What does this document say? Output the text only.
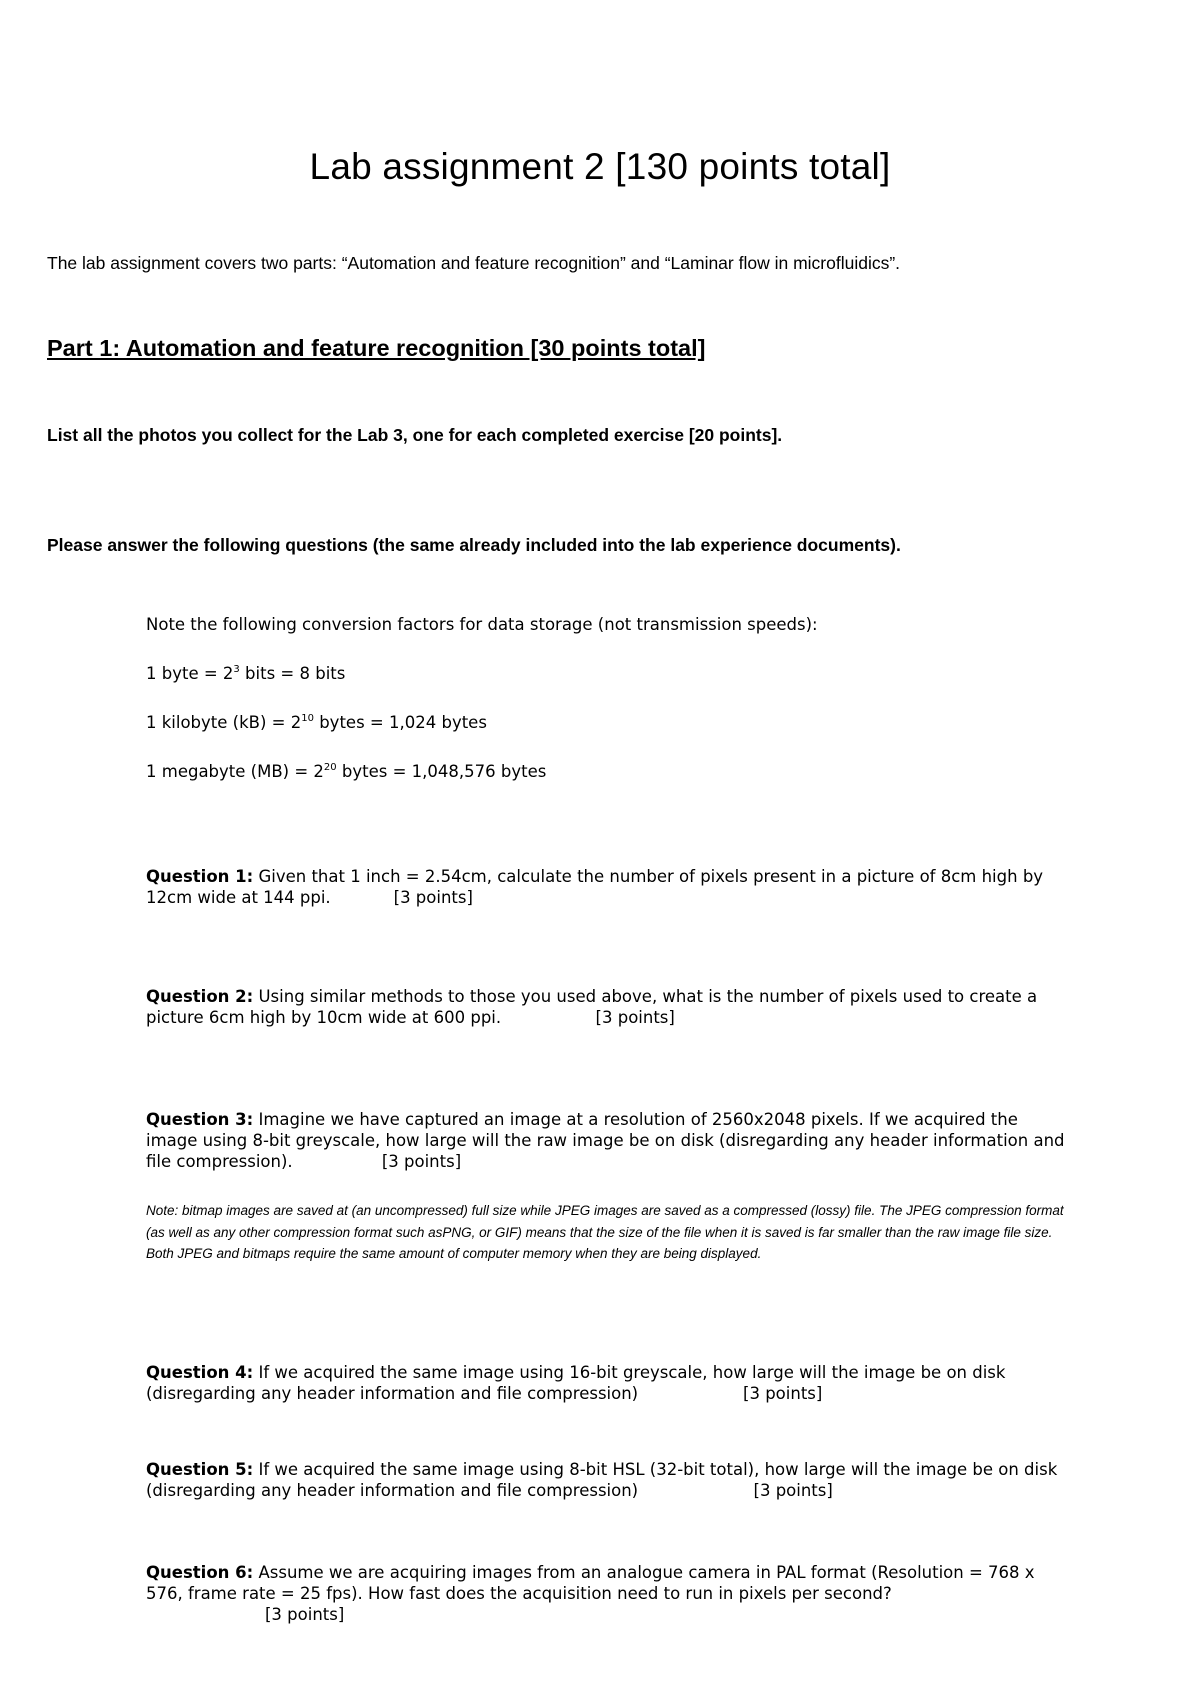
Lab assignment 2 [130 points total]

The lab assignment covers two parts: “Automation and feature recognition” and “Laminar flow in microfluidics”.

Part 1: Automation and feature recognition [30 points total]

List all the photos you collect for the Lab 3, one for each completed exercise [20 points].

Please answer the following questions (the same already included into the lab experience documents).

Note the following conversion factors for data storage (not transmission speeds):

1 byte = $2^3$ bits = 8 bits

1 kilobyte $(kB) = 2^{10}$ bytes = 1,024 bytes

1 megabyte $(MB) = 2^{20}$ bytes = 1,048,576 bytes

Question 1: Given that 1 inch = 2.54cm, calculate the number of pixels present in a picture of 8cm high by 12cm wide at 144 ppi.            [3 points]

Question 2: Using similar methods to those you used above, what is the number of pixels used to create a picture 6cm high by 10cm wide at 600 ppi.                  [3 points]

Question 3: Imagine we have captured an image at a resolution of 2560x2048 pixels. If we acquired the image using 8-bit greyscale, how large will the raw image be on disk (disregarding any header information and file compression).                 [3 points]

Note: bitmap images are saved at (an uncompressed) full size while JPEG images are saved as a compressed (lossy) file. The JPEG compression format (as well as any other compression format such asPNG, or GIF) means that the size of the file when it is saved is far smaller than the raw image file size. Both JPEG and bitmaps require the same amount of computer memory when they are being displayed.

Question 4: If we acquired the same image using 16-bit greyscale, how large will the image be on disk (disregarding any header information and file compression)                    [3 points]

Question 5: If we acquired the same image using 8-bit HSL (32-bit total), how large will the image be on disk (disregarding any header information and file compression)                      [3 points]

Question 6: Assume we are acquiring images from an analogue camera in PAL format (Resolution = 768 x 576, frame rate = 25 fps). How fast does the acquisition need to run in pixels per second?
[3 points]
